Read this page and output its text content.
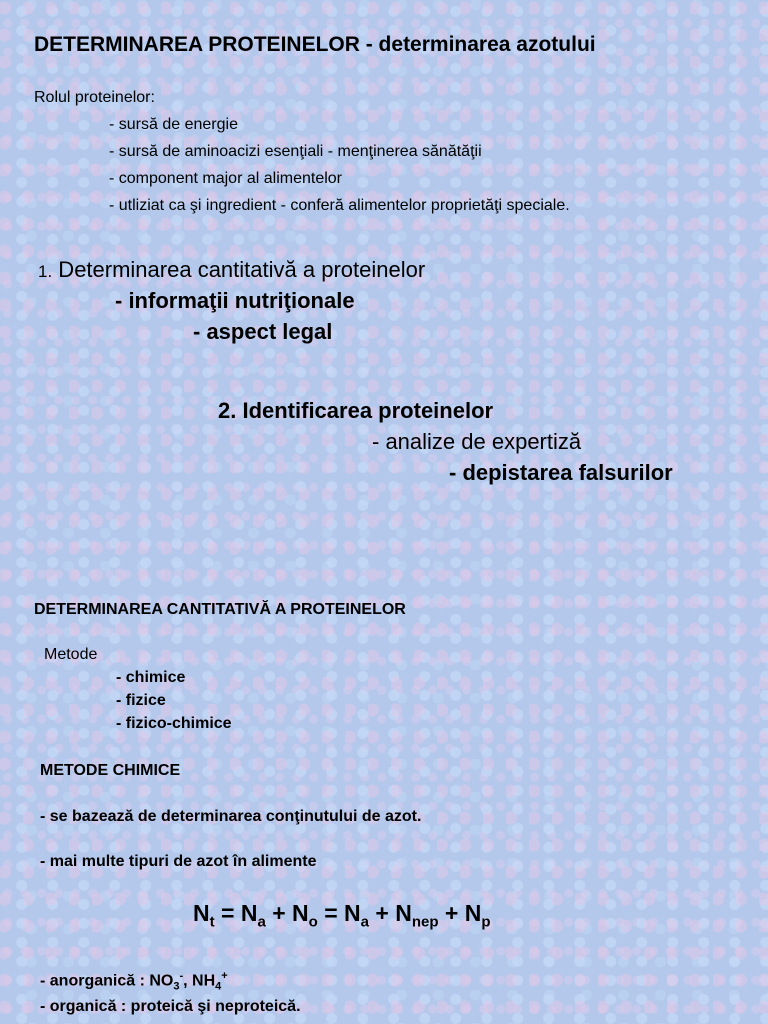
DETERMINAREA PROTEINELOR - determinarea azotului
Rolul proteinelor:
- sursă de energie
- sursă de aminoacizi esenţiali - menţinerea sănătăţii
- component major al alimentelor
- utliziat ca şi ingredient - conferă alimentelor proprietăţi speciale.
1. Determinarea cantitativă a proteinelor
- informaţii nutriţionale
- aspect legal
2. Identificarea proteinelor
- analize de expertiză
- depistarea falsurilor
DETERMINAREA CANTITATIVĂ A PROTEINELOR
Metode
- chimice
- fizice
- fizico-chimice
METODE CHIMICE
- se bazează de determinarea conţinutului de azot.
- mai multe tipuri de azot în alimente
$N_t = N_a + N_o = N_a + N_{nep} + N_p$
- anorganică : $NO_3^-$, $NH_4^+$
- organică : proteică şi neproteică.
